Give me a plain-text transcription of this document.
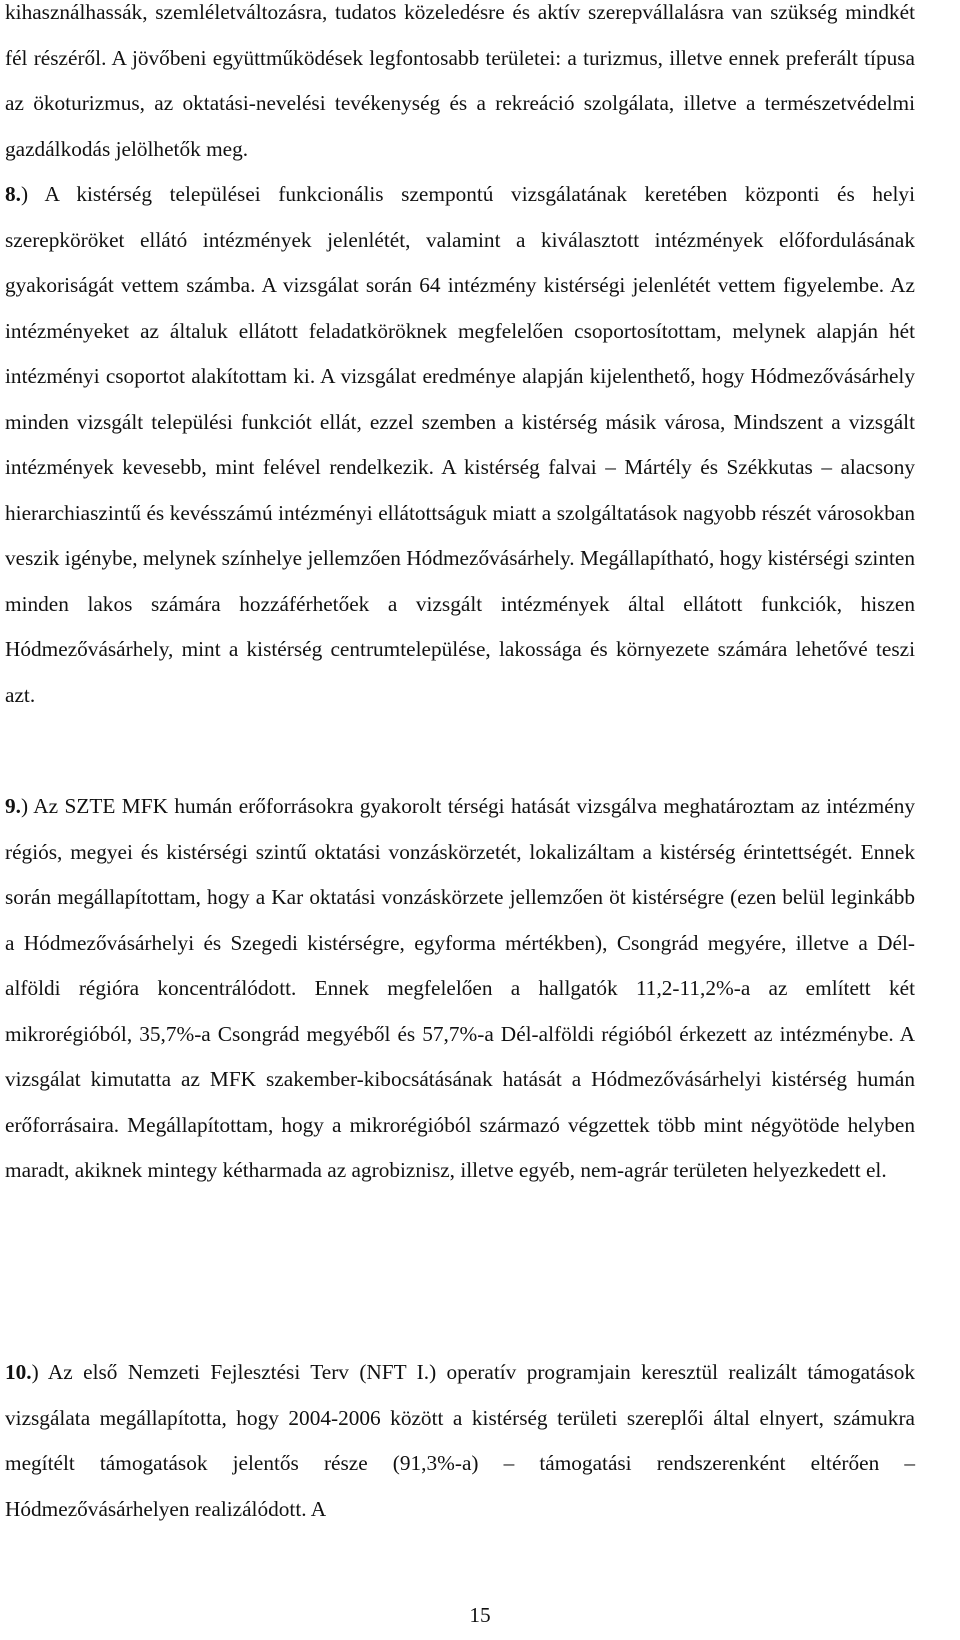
kihasználhassák, szemléletváltozásra, tudatos közeledésre és aktív szerepvállalásra van szükség mindkét fél részéről. A jövőbeni együttműködések legfontosabb területei: a turizmus, illetve ennek preferált típusa az ökoturizmus, az oktatási-nevelési tevékenység és a rekreáció szolgálata, illetve a természetvédelmi gazdálkodás jelölhetők meg.

8.) A kistérség települései funkcionális szempontú vizsgálatának keretében központi és helyi szerepköröket ellátó intézmények jelenlétét, valamint a kiválasztott intézmények előfordulásának gyakoriságát vettem számba. A vizsgálat során 64 intézmény kistérségi jelenlétét vettem figyelembe. Az intézményeket az általuk ellátott feladatköröknek megfelelően csoportosítottam, melynek alapján hét intézményi csoportot alakítottam ki. A vizsgálat eredménye alapján kijelenthető, hogy Hódmezővásárhely minden vizsgált települési funkciót ellát, ezzel szemben a kistérség másik városa, Mindszent a vizsgált intézmények kevesebb, mint felével rendelkezik. A kistérség falvai – Mártély és Székkutas – alacsony hierarchiaszintű és kevésszámú intézményi ellátottságuk miatt a szolgáltatások nagyobb részét városokban veszik igénybe, melynek színhelye jellemzően Hódmezővásárhely. Megállapítható, hogy kistérségi szinten minden lakos számára hozzáférhetőek a vizsgált intézmények által ellátott funkciók, hiszen Hódmezővásárhely, mint a kistérség centrumtelepülése, lakossága és környezete számára lehetővé teszi azt.

9.) Az SZTE MFK humán erőforrásokra gyakorolt térségi hatását vizsgálva meghatároztam az intézmény régiós, megyei és kistérségi szintű oktatási vonzáskörzetét, lokalizáltam a kistérség érintettségét. Ennek során megállapítottam, hogy a Kar oktatási vonzáskörzete jellemzően öt kistérségre (ezen belül leginkább a Hódmezővásárhelyi és Szegedi kistérségre, egyforma mértékben), Csongrád megyére, illetve a Dél-alföldi régióra koncentrálódott. Ennek megfelelően a hallgatók 11,2-11,2%-a az említett két mikrorégióból, 35,7%-a Csongrád megyéből és 57,7%-a Dél-alföldi régióból érkezett az intézménybe. A vizsgálat kimutatta az MFK szakember-kibocsátásának hatását a Hódmezővásárhelyi kistérség humán erőforrásaira. Megállapítottam, hogy a mikrorégióból származó végzettek több mint négyötöde helyben maradt, akiknek mintegy kétharmada az agrobiznisz, illetve egyéb, nem-agrár területen helyezkedett el.

10.) Az első Nemzeti Fejlesztési Terv (NFT I.) operatív programjain keresztül realizált támogatások vizsgálata megállapította, hogy 2004-2006 között a kistérség területi szereplői által elnyert, számukra megítélt támogatások jelentős része (91,3%-a) – támogatási rendszerenként eltérően – Hódmezővásárhelyen realizálódott. A

15
